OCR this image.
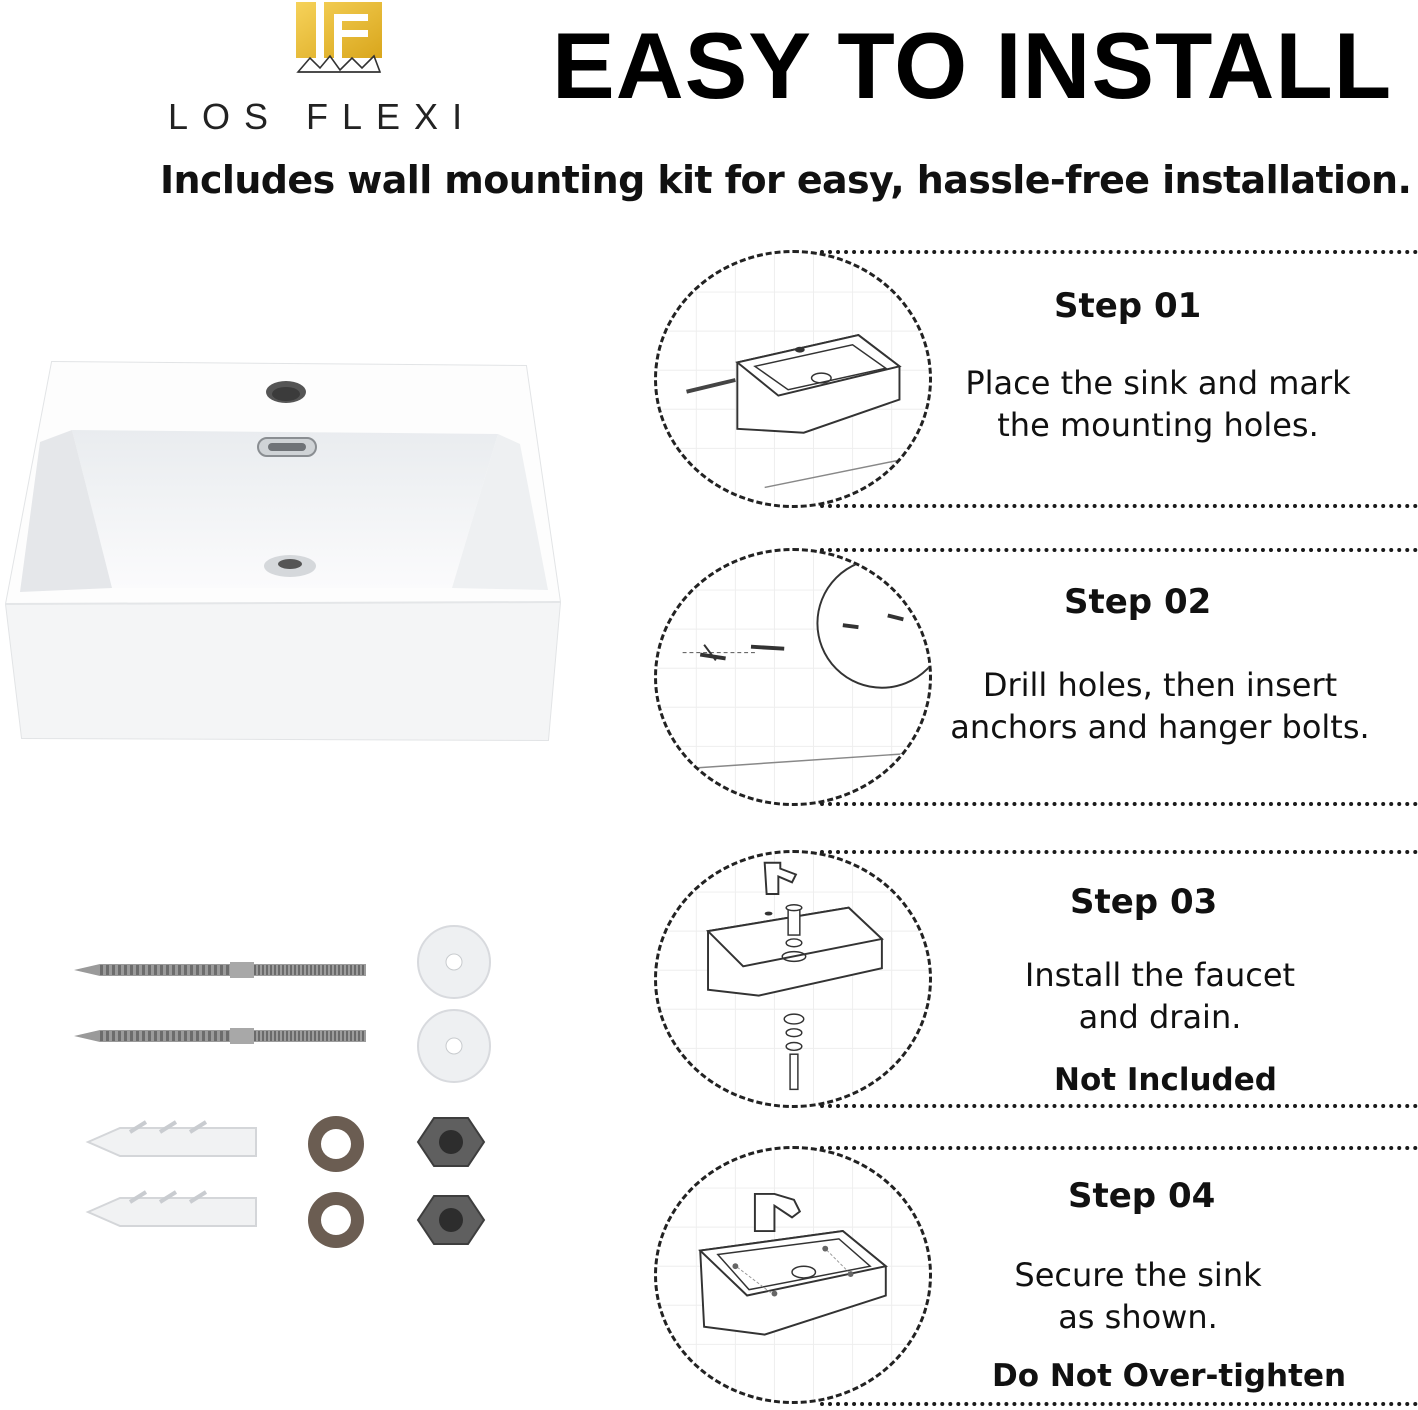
LOS FLEXI EASY TO INSTALL
Includes wall mounting kit for easy, hassle-free installation.
Step 01
Place the sink and mark
the mounting holes.
Step 02
Drill holes, then insert
anchors and hanger bolts.
Step 03
Install the faucet
and drain.
Not Included
Step 04
Secure the sink
as shown.
Do Not Over-tighten
